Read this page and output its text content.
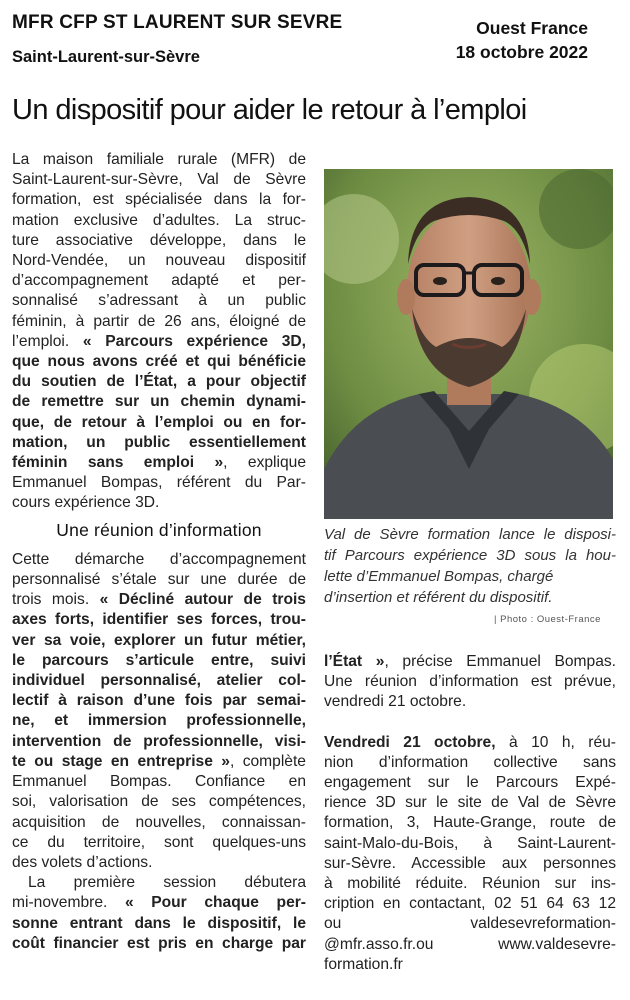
MFR CFP ST LAURENT SUR SEVRE
Saint-Laurent-sur-Sèvre
Ouest France
18 octobre 2022
Un dispositif pour aider le retour à l’emploi

La maison familiale rurale (MFR) de

Saint-Laurent-sur-Sèvre, Val de Sèvre

formation, est spécialisée dans la for-

mation exclusive d’adultes. La struc-

ture associative développe, dans le

Nord-Vendée, un nouveau dispositif

d’accompagnement adapté et per-

sonnalisé s’adressant à un public

féminin, à partir de 26 ans, éloigné de

l’emploi. « Parcours expérience 3D,

que nous avons créé et qui bénéficie

du soutien de l’État, a pour objectif

de remettre sur un chemin dynami-

que, de retour à l’emploi ou en for-

mation, un public essentiellement

féminin sans emploi », explique

Emmanuel Bompas, référent du Par-

cours expérience 3D.

Une réunion d’information

Cette démarche d’accompagnement

personnalisé s’étale sur une durée de

trois mois. « Décliné autour de trois

axes forts, identifier ses forces, trou-

ver sa voie, explorer un futur métier,

le parcours s’articule entre, suivi

individuel personnalisé, atelier col-

lectif à raison d’une fois par semai-

ne, et immersion professionnelle,

intervention de professionnelle, visi-

te ou stage en entreprise », complète

Emmanuel Bompas. Confiance en

soi, valorisation de ses compétences,

acquisition de nouvelles, connaissan-

ce du territoire, sont quelques-uns

des volets d’actions.

La première session débutera

mi-novembre. « Pour chaque per-

sonne entrant dans le dispositif, le

coût financier est pris en charge par

Val de Sèvre formation lance le disposi-

tif Parcours expérience 3D sous la hou-

lette d’Emmanuel Bompas, chargé

d’insertion et référent du dispositif.

| Photo : Ouest-France

l’État », précise Emmanuel Bompas.

Une réunion d’information est prévue,

vendredi 21 octobre.

Vendredi 21 octobre, à 10 h, réu-

nion d’information collective sans

engagement sur le Parcours Expé-

rience 3D sur le site de Val de Sèvre

formation, 3, Haute-Grange, route de

saint-Malo-du-Bois, à Saint-Laurent-

sur-Sèvre. Accessible aux personnes

à mobilité réduite. Réunion sur ins-

cription en contactant, 02 51 64 63 12

ou valdesevreformation-

@mfr.asso.fr.ou www.valdesevre-

formation.fr
